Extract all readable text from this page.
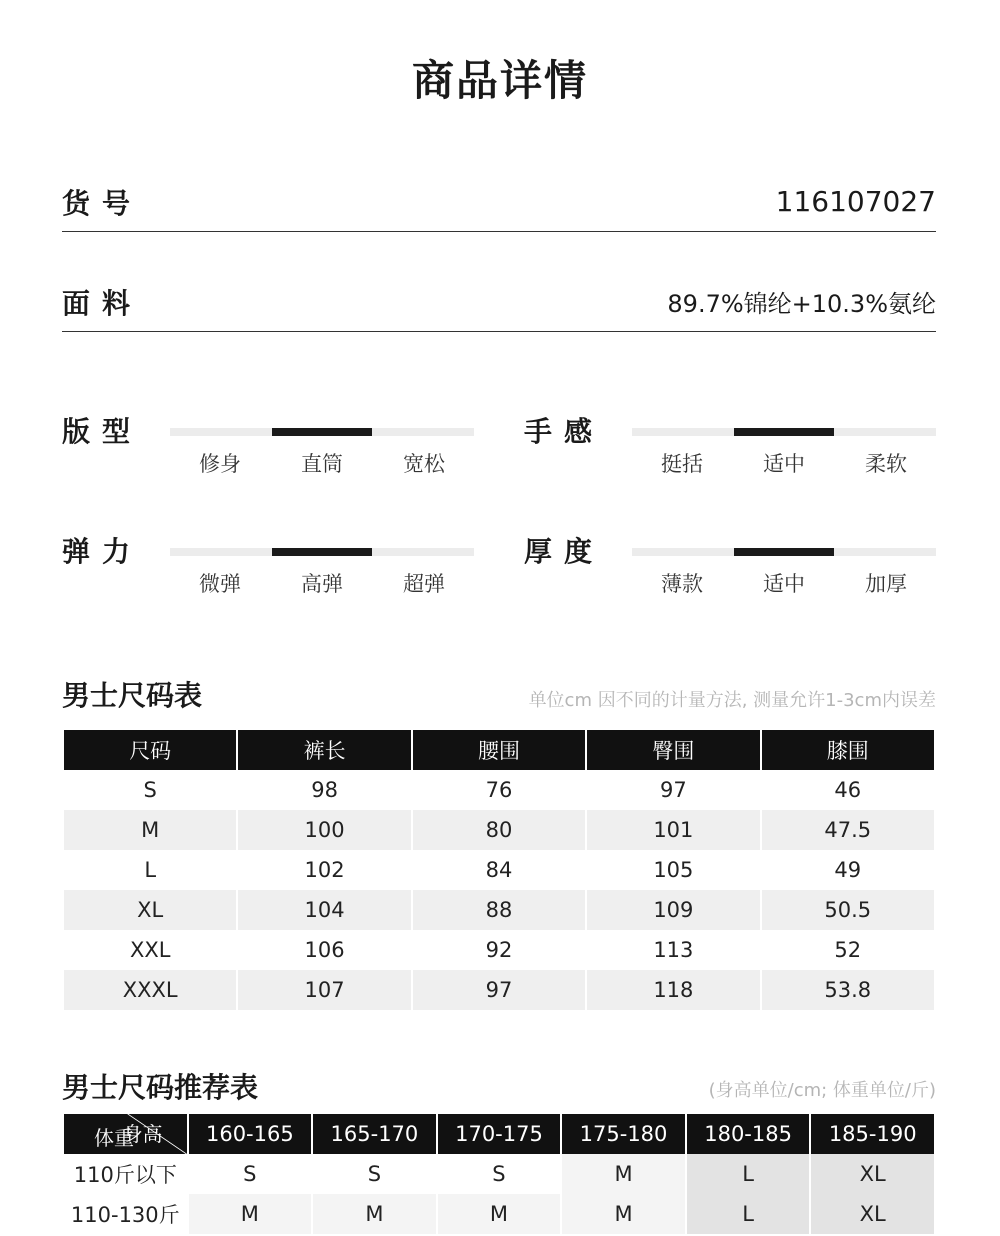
商品详情
货号	116107027
面料	89.7%锦纶+10.3%氨纶
版型
修身	直筒	宽松
手感
挺括	适中	柔软
弹力
微弹	高弹	超弹
厚度
薄款	适中	加厚
男士尺码表	单位cm 因不同的计量方法, 测量允许1-3cm内误差
尺码	裤长	腰围	臀围	膝围
S	98	76	97	46
M	100	80	101	47.5
L	102	84	105	49
XL	104	88	109	50.5
XXL	106	92	113	52
XXXL	107	97	118	53.8
男士尺码推荐表	(身高单位/cm; 体重单位/斤)
身高
体重	160-165	165-170	170-175	175-180	180-185	185-190
110斤以下	S	S	S	M	L	XL
110-130斤	M	M	M	M	L	XL
